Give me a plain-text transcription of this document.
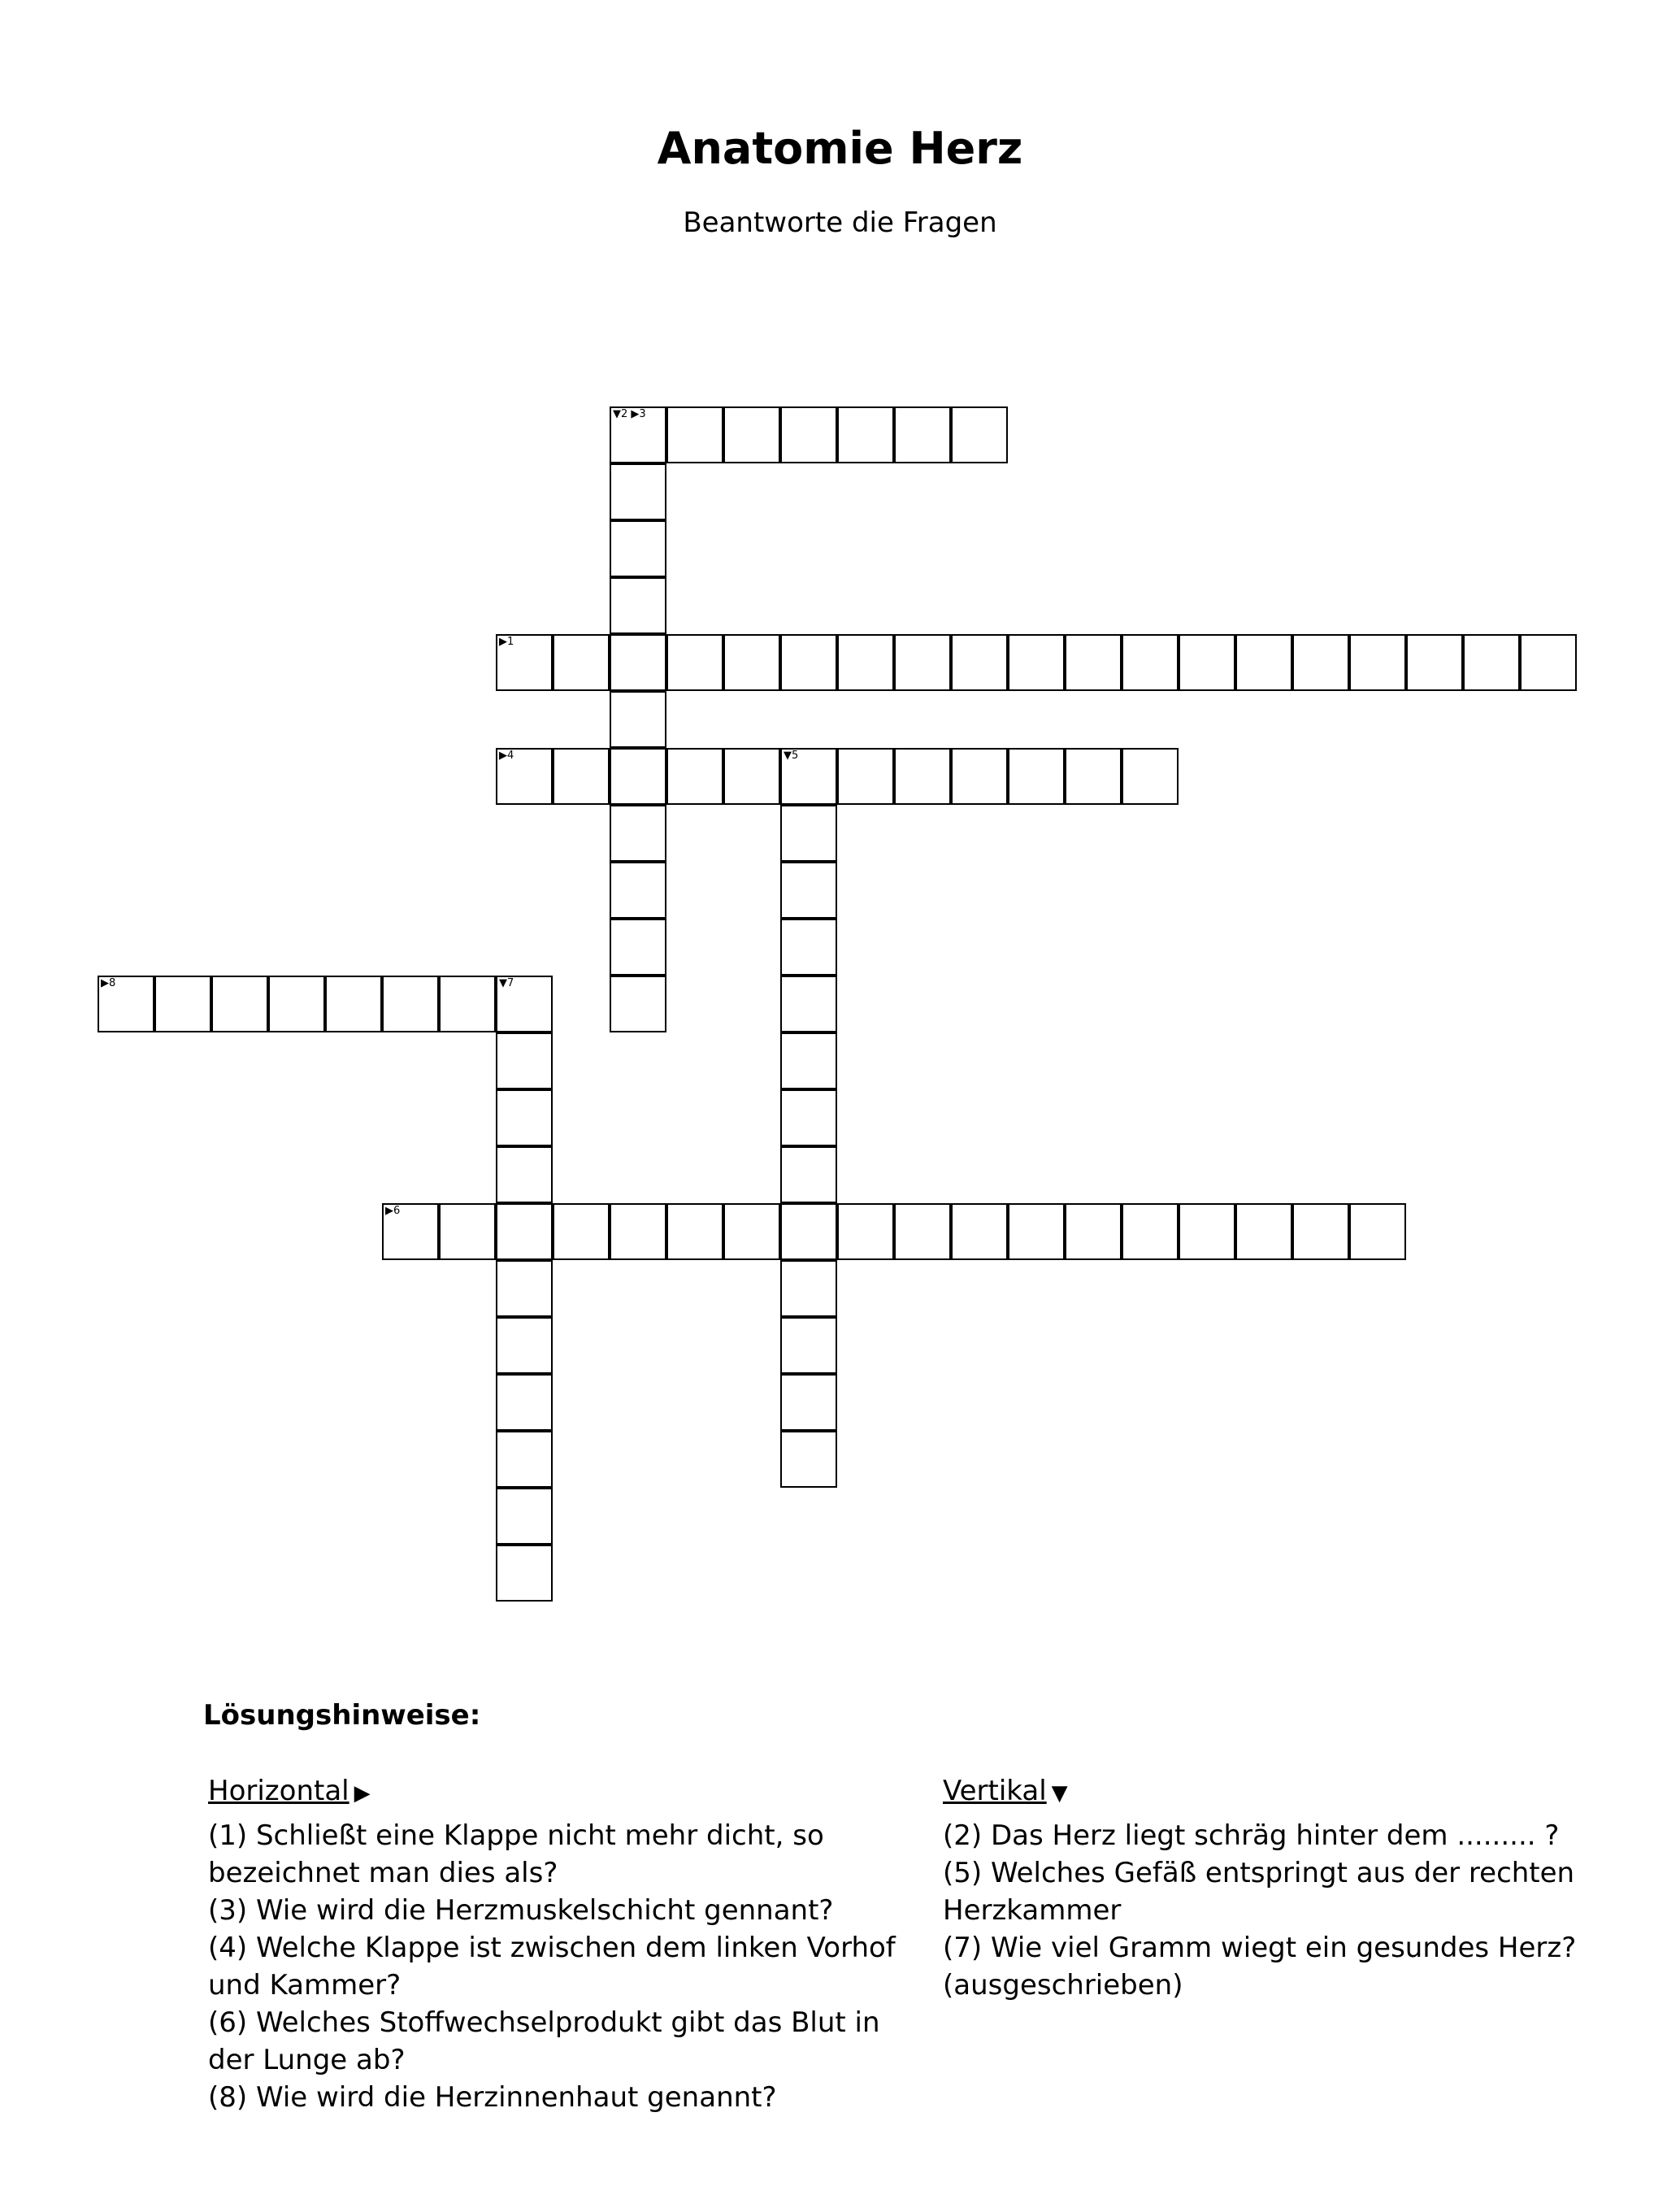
Anatomie Herz
Beantworte die Fragen
▼2 ▶3
▶1
▶4	▼5
▶8	▼7
▶6
Lösungshinweise:
Horizontal ▶

(1) Schließt eine Klappe nicht mehr dicht, so bezeichnet man dies als?

(3) Wie wird die Herzmuskelschicht gennant?

(4) Welche Klappe ist zwischen dem linken Vorhof und Kammer?

(6) Welches Stoffwechselprodukt gibt das Blut in der Lunge ab?

(8) Wie wird die Herzinnenhaut genannt?

Vertikal ▼

(2) Das Herz liegt schräg hinter dem ......... ?

(5) Welches Gefäß entspringt aus der rechten Herzkammer

(7) Wie viel Gramm wiegt ein gesundes Herz? (ausgeschrieben)
